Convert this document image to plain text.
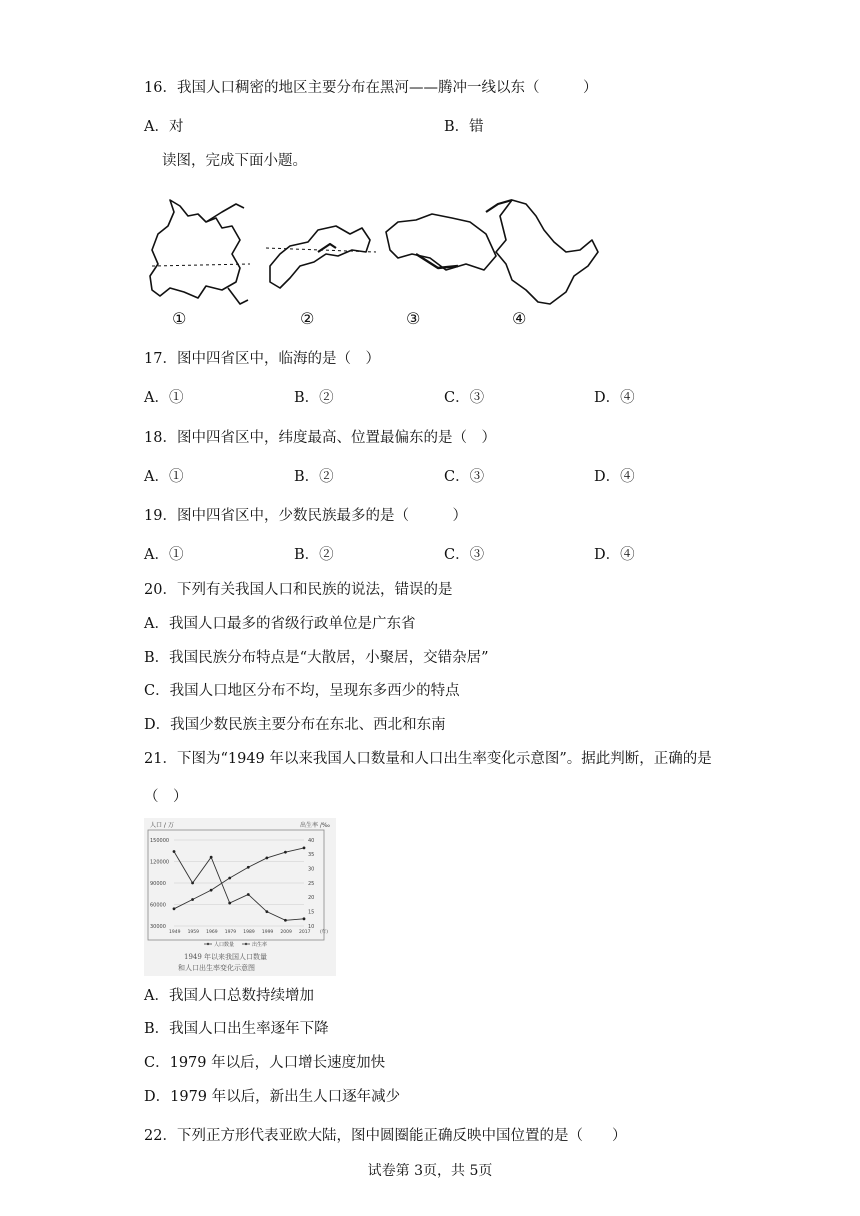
16．我国人口稠密的地区主要分布在黑河——腾冲一线以东（　　　）
A．对	B．错
读图，完成下面小题。
①	②	③	④
17．图中四省区中，临海的是（　）
A．①	B．②	C．③	D．④
18．图中四省区中，纬度最高、位置最偏东的是（　）
A．①	B．②	C．③	D．④
19．图中四省区中，少数民族最多的是（　　　）
A．①	B．②	C．③	D．④
20．下列有关我国人口和民族的说法，错误的是
A．我国人口最多的省级行政单位是广东省
B．我国民族分布特点是“大散居，小聚居，交错杂居”
C．我国人口地区分布不均，呈现东多西少的特点
D．我国少数民族主要分布在东北、西北和东南
21．下图为“1949 年以来我国人口数量和人口出生率变化示意图”。据此判断，正确的是
（　）
人口 / 万	出生率 /‰
150000
120000
90000
60000
30000
40
35
30
25
20
15
10
1949 1959 1969 1979 1989 1999 2009 2017 (年)
人口数量	出生率
1949 年以来我国人口数量
和人口出生率变化示意图
A．我国人口总数持续增加
B．我国人口出生率逐年下降
C．1979 年以后，人口增长速度加快
D．1979 年以后，新出生人口逐年减少
22．下列正方形代表亚欧大陆，图中圆圈能正确反映中国位置的是（　　）
试卷第 3页，共 5页
